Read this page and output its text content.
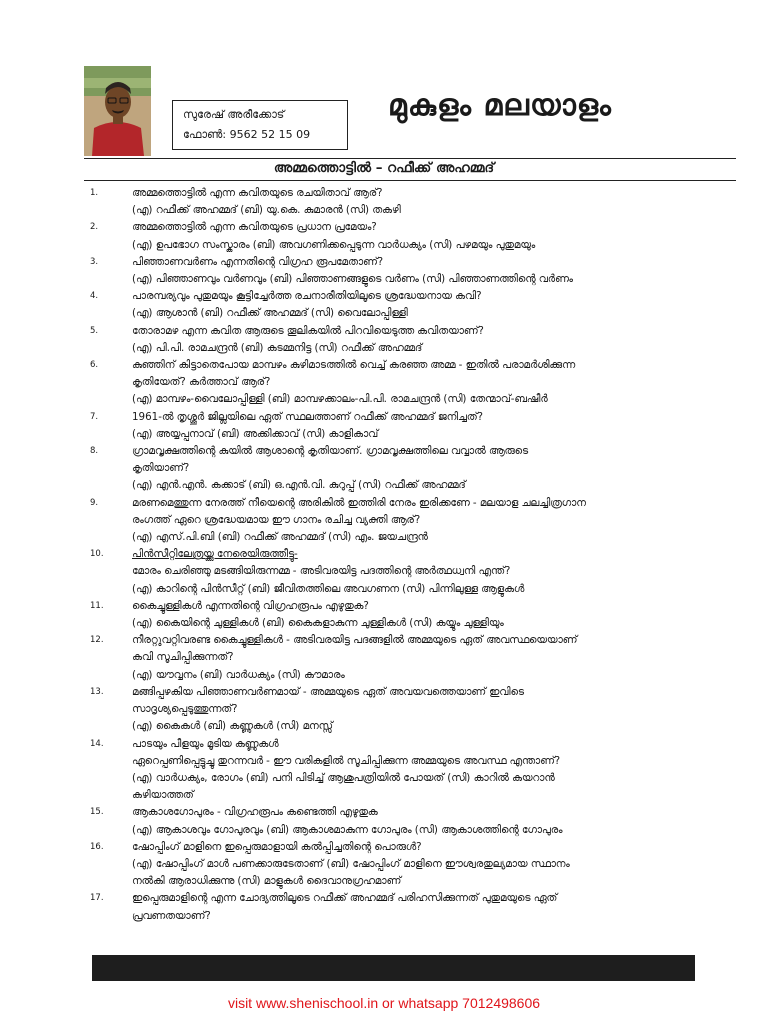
സുരേഷ് അരീക്കോട്
ഫോൺ: 9562 52 15 09
മുകുളം മലയാളം
അമ്മത്തൊട്ടിൽ – റഫീക്ക് അഹമ്മദ്
1.	അമ്മത്തൊട്ടിൽ എന്ന കവിതയുടെ രചയിതാവ് ആര്?
(എ) റഫീക്ക് അഹമ്മദ് (ബി) യു.കെ. കുമാരൻ (സി) തകഴി
2.	അമ്മത്തൊട്ടിൽ എന്ന കവിതയുടെ പ്രധാന പ്രമേയം?
(എ) ഉപഭോഗ സംസ്കാരം (ബി) അവഗണിക്കപ്പെടുന്ന വാർധക്യം (സി) പഴമയും പുതുമയും
3.	പിഞ്ഞാണവർണം എന്നതിന്റെ വിഗ്രഹ രൂപമേതാണ്?
(എ) പിഞ്ഞാണവും വർണവും (ബി) പിഞ്ഞാണങ്ങളുടെ വർണം (സി) പിഞ്ഞാണത്തിന്റെ വർണം
4.	പാരമ്പര്യവും പുതുമയും കൂട്ടിച്ചേർത്ത രചനാരീതിയിലൂടെ ശ്രദ്ധേയനായ കവി?
(എ) ആശാൻ (ബി) റഫീക്ക് അഹമ്മദ് (സി) വൈലോപ്പിള്ളി
5.	തോരാമഴ എന്ന കവിത ആരുടെ തൂലികയിൽ പിറവിയെടുത്ത കവിതയാണ്?
(എ) പി.പി. രാമചന്ദ്രൻ (ബി) കടമ്മനിട്ട (സി) റഫീക്ക് അഹമ്മദ്
6.	കുഞ്ഞിന് കിട്ടാതെപോയ മാമ്പഴം കുഴിമാടത്തിൽ വെച്ച് കരഞ്ഞ അമ്മ - ഇതിൽ പരാമർശിക്കുന്ന
കൃതിയേത്? കർത്താവ് ആര്?
(എ) മാമ്പഴം-വൈലോപ്പിള്ളി (ബി) മാമ്പഴക്കാലം-പി.പി. രാമചന്ദ്രൻ (സി) തേന്മാവ്-ബഷീർ
7.	1961-ൽ തൃശ്ശൂർ ജില്ലയിലെ ഏത് സ്ഥലത്താണ് റഫീക്ക് അഹമ്മദ് ജനിച്ചത്?
(എ) അയ്യപ്പനാവ് (ബി) അക്കിക്കാവ് (സി) കാളികാവ്
8.	ഗ്രാമവൃക്ഷത്തിന്റെ കുയിൽ ആശാന്റെ കൃതിയാണ്. ഗ്രാമവൃക്ഷത്തിലെ വവ്വാൽ ആരുടെ
കൃതിയാണ്?
(എ) എൻ.എൻ. കക്കാട് (ബി) ഒ.എൻ.വി. കുറുപ്പ് (സി) റഫീക്ക് അഹമ്മദ്
9.	മരണമെത്തുന്ന നേരത്ത് നീയെന്റെ അരികിൽ ഇത്തിരി നേരം ഇരിക്കണേ - മലയാള ചലച്ചിത്രഗാന
രംഗത്ത് ഏറെ ശ്രദ്ധേയമായ ഈ ഗാനം രചിച്ച വ്യക്തി ആര്?
(എ) എസ്.പി.ബി (ബി) റഫീക്ക് അഹമ്മദ് (സി) എം. ജയചന്ദ്രൻ
10.	പിൻസീറ്റിലേത്രയ്ക്കു നേരെയിരുത്തീട്ടു-
മോരം ചെരിഞ്ഞു മടങ്ങിയിരുന്നമ്മ - അടിവരയിട്ട പദത്തിന്റെ അർത്ഥധ്വനി എന്ത്?
(എ) കാറിന്റെ പിൻസീറ്റ് (ബി) ജീവിതത്തിലെ അവഗണന (സി) പിന്നിലുള്ള ആളുകൾ
11.	കൈച്ചുള്ളികൾ എന്നതിന്റെ വിഗ്രഹരൂപം എഴുതുക?
(എ) കൈയിന്റെ ചുള്ളികൾ (ബി) കൈകളാകുന്ന ചുള്ളികൾ (സി) കയ്യും ചുള്ളിയും
12.	നീരറ്റുവറ്റിവരണ്ട കൈച്ചുള്ളികൾ - അടിവരയിട്ട പദങ്ങളിൽ അമ്മയുടെ ഏത് അവസ്ഥയെയാണ്
കവി സൂചിപ്പിക്കുന്നത്?
(എ) യൗവ്വനം (ബി) വാർധക്യം (സി) കൗമാരം
13.	മങ്ങിപ്പഴകിയ പിഞ്ഞാണവർണമായ് - അമ്മയുടെ ഏത് അവയവത്തെയാണ് ഇവിടെ
സാദൃശ്യപ്പെടുത്തുന്നത്?
(എ) കൈകൾ (ബി) കണ്ണുകൾ (സി) മനസ്സ്
14.	പാടയും പീളയും മൂടിയ കണ്ണുകൾ
ഏറെപ്പണിപ്പെട്ടുച്ചു തുറന്നവർ - ഈ വരികളിൽ സൂചിപ്പിക്കുന്ന അമ്മയുടെ അവസ്ഥ എന്താണ്?
(എ) വാർധക്യം, രോഗം (ബി) പനി പിടിച്ച് ആശുപത്രിയിൽ പോയത് (സി) കാറിൽ കയറാൻ
കഴിയാത്തത്
15.	ആകാശഗോപുരം - വിഗ്രഹരൂപം കണ്ടെത്തി എഴുതുക
(എ) ആകാശവും ഗോപുരവും (ബി) ആകാശമാകുന്ന ഗോപുരം (സി) ആകാശത്തിന്റെ ഗോപുരം
16.	ഷോപ്പിംഗ് മാളിനെ ഇപ്പെരുമാളായി കൽപ്പിച്ചതിന്റെ പൊരുൾ?
(എ) ഷോപ്പിംഗ് മാൾ പണക്കാരുടേതാണ് (ബി) ഷോപ്പിംഗ് മാളിനെ ഈശ്വരതുല്യമായ സ്ഥാനം
നൽകി ആരാധിക്കുന്നു (സി) മാളുകൾ ദൈവാനുഗ്രഹമാണ്
17.	ഇപ്പെരുമാളിന്റെ എന്ന ചോദ്യത്തിലൂടെ റഫീക്ക് അഹമ്മദ് പരിഹസിക്കുന്നത് പുതുമയുടെ ഏത്
പ്രവണതയാണ്?
visit www.shenischool.in or whatsapp 7012498606
